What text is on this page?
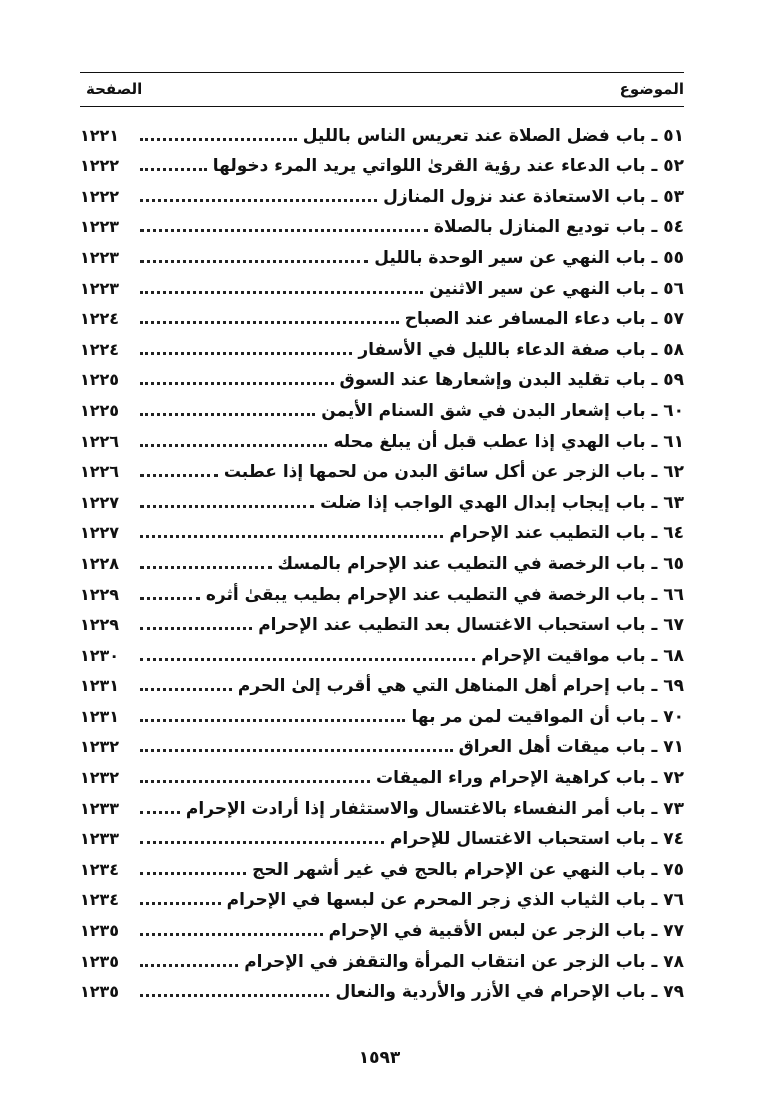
الموضوع
الصفحة
٥١ ـ باب فضل الصلاة عند تعريس الناس بالليل
١٢٢١
٥٢ ـ باب الدعاء عند رؤية القرىٰ اللواتي يريد المرء دخولها
١٢٢٢
٥٣ ـ باب الاستعاذة عند نزول المنازل
١٢٢٢
٥٤ ـ باب توديع المنازل بالصلاة
١٢٢٣
٥٥ ـ باب النهي عن سير الوحدة بالليل
١٢٢٣
٥٦ ـ باب النهي عن سير الاثنين
١٢٢٣
٥٧ ـ باب دعاء المسافر عند الصباح
١٢٢٤
٥٨ ـ باب صفة الدعاء بالليل في الأسفار
١٢٢٤
٥٩ ـ باب تقليد البدن وإشعارها عند السوق
١٢٢٥
٦٠ ـ باب إشعار البدن في شق السنام الأيمن
١٢٢٥
٦١ ـ باب الهدي إذا عطب قبل أن يبلغ محله
١٢٢٦
٦٢ ـ باب الزجر عن أكل سائق البدن من لحمها إذا عطبت
١٢٢٦
٦٣ ـ باب إيجاب إبدال الهدي الواجب إذا ضلت
١٢٢٧
٦٤ ـ باب التطيب عند الإحرام
١٢٢٧
٦٥ ـ باب الرخصة في التطيب عند الإحرام بالمسك
١٢٢٨
٦٦ ـ باب الرخصة في التطيب عند الإحرام بطيب يبقىٰ أثره
١٢٢٩
٦٧ ـ باب استحباب الاغتسال بعد التطيب عند الإحرام
١٢٢٩
٦٨ ـ باب مواقيت الإحرام
١٢٣٠
٦٩ ـ باب إحرام أهل المناهل التي هي أقرب إلىٰ الحرم
١٢٣١
٧٠ ـ باب أن المواقيت لمن مر بها
١٢٣١
٧١ ـ باب ميقات أهل العراق
١٢٣٢
٧٢ ـ باب كراهية الإحرام وراء الميقات
١٢٣٢
٧٣ ـ باب أمر النفساء بالاغتسال والاستثفار إذا أرادت الإحرام
١٢٣٣
٧٤ ـ باب استحباب الاغتسال للإحرام
١٢٣٣
٧٥ ـ باب النهي عن الإحرام بالحج في غير أشهر الحج
١٢٣٤
٧٦ ـ باب الثياب الذي زجر المحرم عن لبسها في الإحرام
١٢٣٤
٧٧ ـ باب الزجر عن لبس الأقبية في الإحرام
١٢٣٥
٧٨ ـ باب الزجر عن انتقاب المرأة والتقفز في الإحرام
١٢٣٥
٧٩ ـ باب الإحرام في الأزر والأردية والنعال
١٢٣٥
١٥٩٣
